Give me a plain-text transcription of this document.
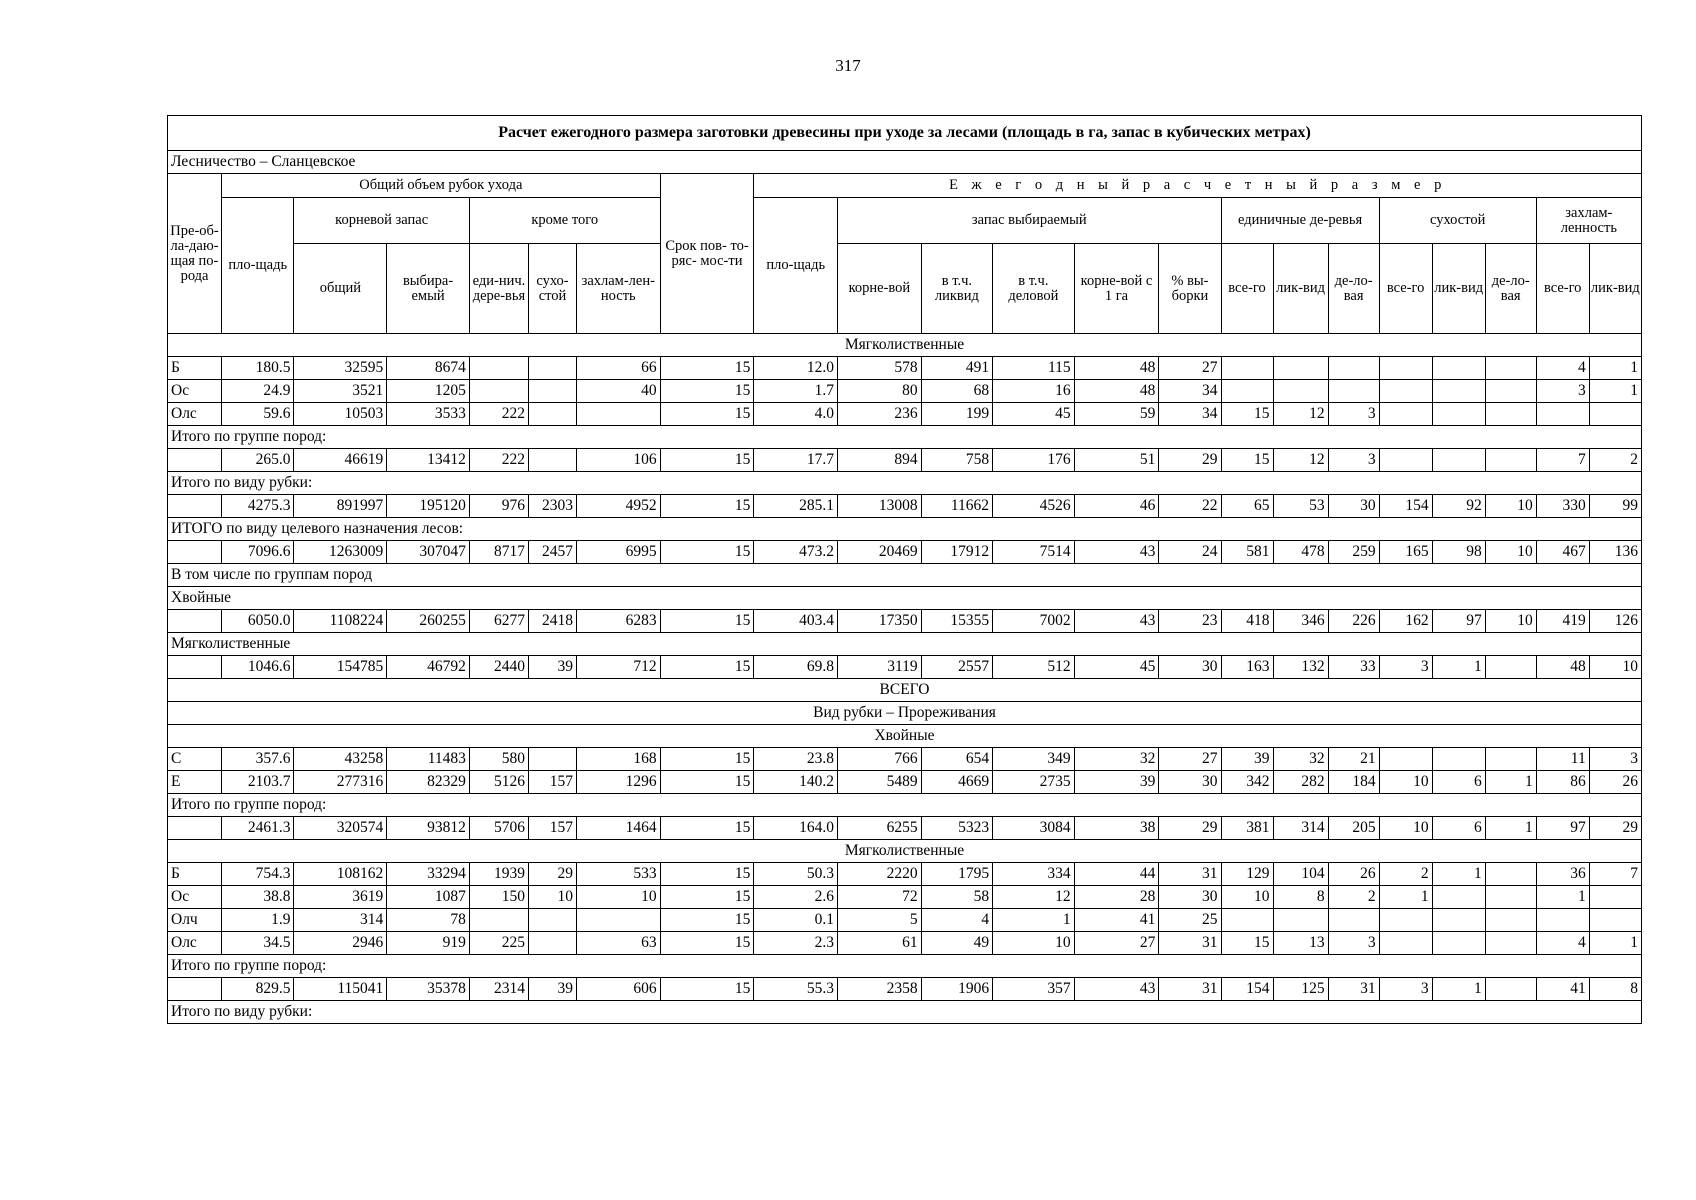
317
Расчет ежегодного размера заготовки древесины при уходе за лесами (площадь в га, запас в кубических метрах)																					
Лесничество – Сланцевское																					
Пре-об-ла-даю-щая по-рода	Общий объем рубок ухода						Срок пов- то-ряс- мос-ти	Е ж е г о д н ы й р а с ч е т н ы й р а з м е р													
	пло-щадь	корневой запас		кроме того				пло-щадь	запас выбираемый					единичные де-ревья			сухостой			захлам-ленность	
		общий	выбира-емый	еди-нич. дере-вья	сухо-стой	захлам-лен-ность			корне-вой	в т.ч. ликвид	в т.ч. деловой	корне-вой с 1 га	% вы-борки	все-го	лик-вид	де-ло-вая	все-го	лик-вид	де-ло-вая	все-го	лик-вид
Мягколиственные																					
Б	180.5	32595	8674			66	15	12.0	578	491	115	48	27							4	1
Ос	24.9	3521	1205			40	15	1.7	80	68	16	48	34							3	1
Олс	59.6	10503	3533	222			15	4.0	236	199	45	59	34	15	12	3					
Итого по группе пород:																					
	265.0	46619	13412	222		106	15	17.7	894	758	176	51	29	15	12	3				7	2
Итого по виду рубки:																					
	4275.3	891997	195120	976	2303	4952	15	285.1	13008	11662	4526	46	22	65	53	30	154	92	10	330	99
ИТОГО по виду целевого назначения лесов:																					
	7096.6	1263009	307047	8717	2457	6995	15	473.2	20469	17912	7514	43	24	581	478	259	165	98	10	467	136
В том числе по группам пород																					
Хвойные																					
	6050.0	1108224	260255	6277	2418	6283	15	403.4	17350	15355	7002	43	23	418	346	226	162	97	10	419	126
Мягколиственные																					
	1046.6	154785	46792	2440	39	712	15	69.8	3119	2557	512	45	30	163	132	33	3	1		48	10
ВСЕГО																					
Вид рубки – Прореживания																					
Хвойные																					
С	357.6	43258	11483	580		168	15	23.8	766	654	349	32	27	39	32	21				11	3
Е	2103.7	277316	82329	5126	157	1296	15	140.2	5489	4669	2735	39	30	342	282	184	10	6	1	86	26
Итого по группе пород:																					
	2461.3	320574	93812	5706	157	1464	15	164.0	6255	5323	3084	38	29	381	314	205	10	6	1	97	29
Мягколиственные																					
Б	754.3	108162	33294	1939	29	533	15	50.3	2220	1795	334	44	31	129	104	26	2	1		36	7
Ос	38.8	3619	1087	150	10	10	15	2.6	72	58	12	28	30	10	8	2	1			1	
Олч	1.9	314	78				15	0.1	5	4	1	41	25								
Олс	34.5	2946	919	225		63	15	2.3	61	49	10	27	31	15	13	3				4	1
Итого по группе пород:																					
	829.5	115041	35378	2314	39	606	15	55.3	2358	1906	357	43	31	154	125	31	3	1		41	8
Итого по виду рубки:																					
